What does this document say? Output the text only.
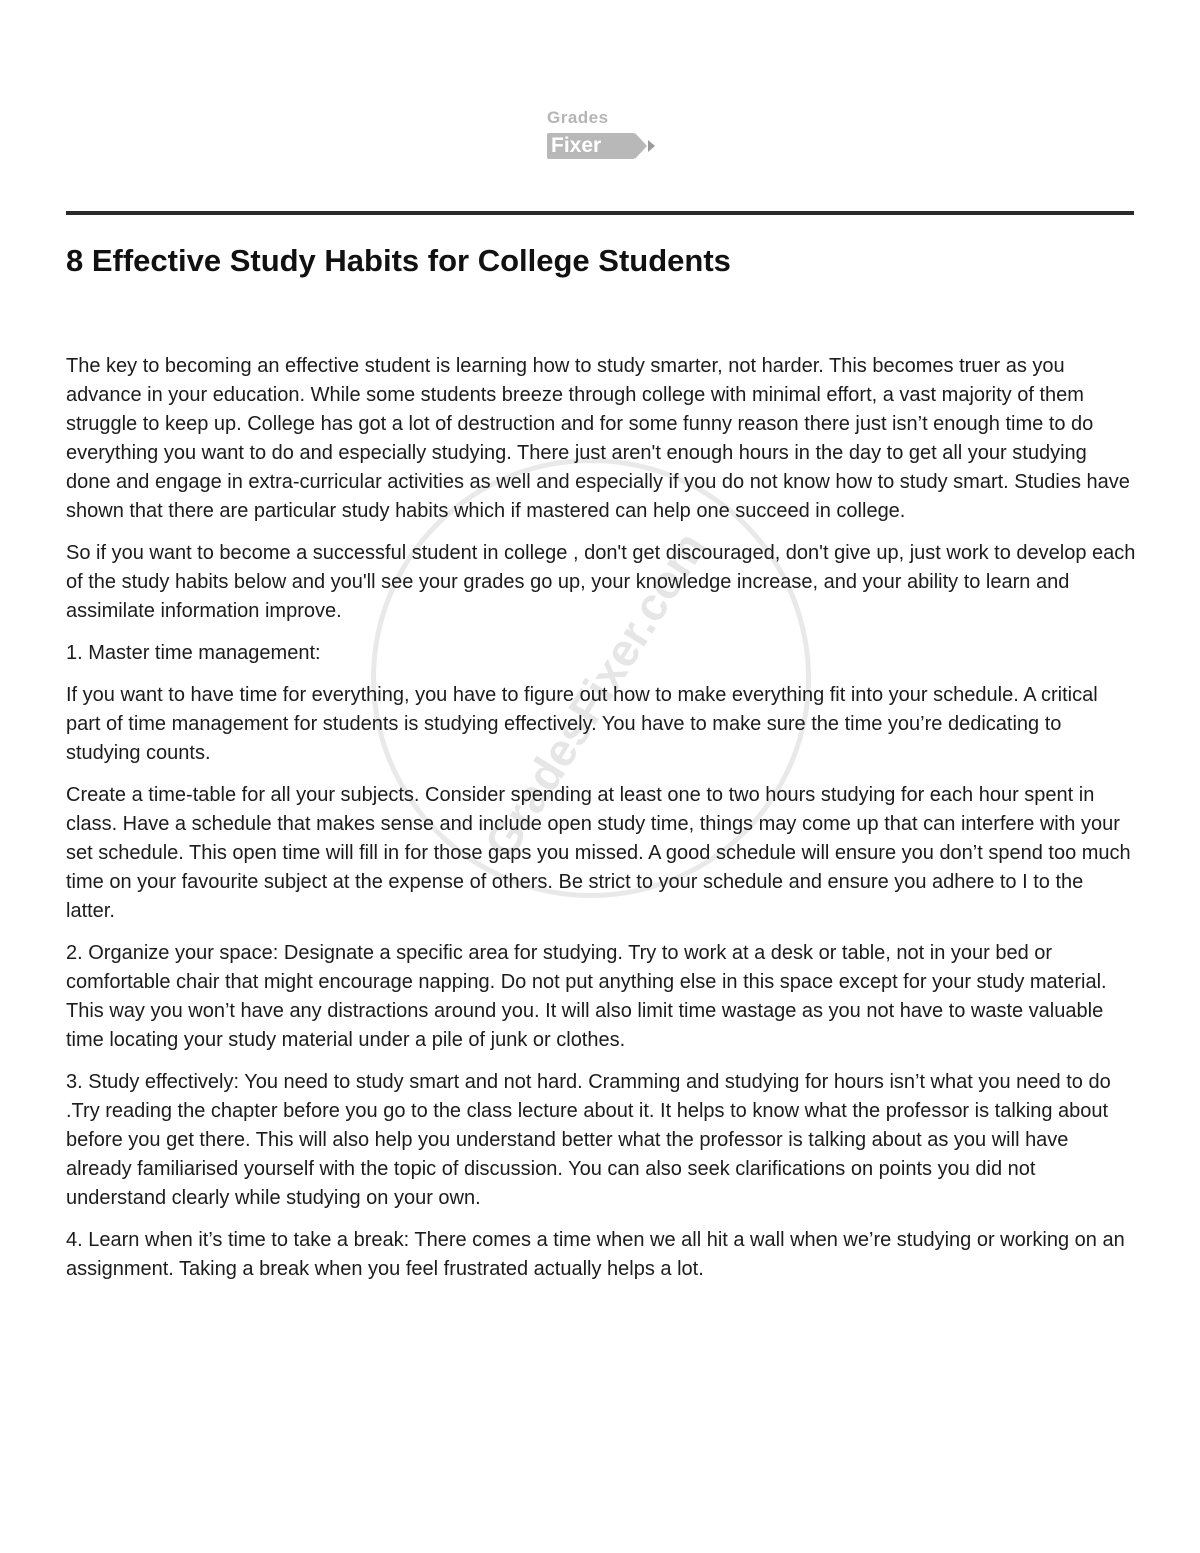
Grades
Fixer
GradesFixer.com
8 Effective Study Habits for College Students

The key to becoming an effective student is learning how to study smarter, not harder. This becomes truer as you advance in your education. While some students breeze through college with minimal effort, a vast majority of them struggle to keep up. College has got a lot of destruction and for some funny reason there just isn’t enough time to do everything you want to do and especially studying. There just aren't enough hours in the day to get all your studying done and engage in extra-curricular activities as well and especially if you do not know how to study smart. Studies have shown that there are particular study habits which if mastered can help one succeed in college.

So if you want to become a successful student in college , don't get discouraged, don't give up, just work to develop each of the study habits below and you'll see your grades go up, your knowledge increase, and your ability to learn and assimilate information improve.

1. Master time management:

If you want to have time for everything, you have to figure out how to make everything fit into your schedule. A critical part of time management for students is studying effectively. You have to make sure the time you’re dedicating to studying counts.

Create a time-table for all your subjects. Consider spending at least one to two hours studying for each hour spent in class. Have a schedule that makes sense and include open study time, things may come up that can interfere with your set schedule. This open time will fill in for those gaps you missed. A good schedule will ensure you don’t spend too much time on your favourite subject at the expense of others. Be strict to your schedule and ensure you adhere to I to the latter.

2. Organize your space: Designate a specific area for studying. Try to work at a desk or table, not in your bed or comfortable chair that might encourage napping. Do not put anything else in this space except for your study material. This way you won’t have any distractions around you. It will also limit time wastage as you not have to waste valuable time locating your study material under a pile of junk or clothes.

3. Study effectively: You need to study smart and not hard. Cramming and studying for hours isn’t what you need to do .Try reading the chapter before you go to the class lecture about it. It helps to know what the professor is talking about before you get there. This will also help you understand better what the professor is talking about as you will have already familiarised yourself with the topic of discussion. You can also seek clarifications on points you did not understand clearly while studying on your own.

4. Learn when it’s time to take a break: There comes a time when we all hit a wall when we’re studying or working on an assignment. Taking a break when you feel frustrated actually helps a lot.
